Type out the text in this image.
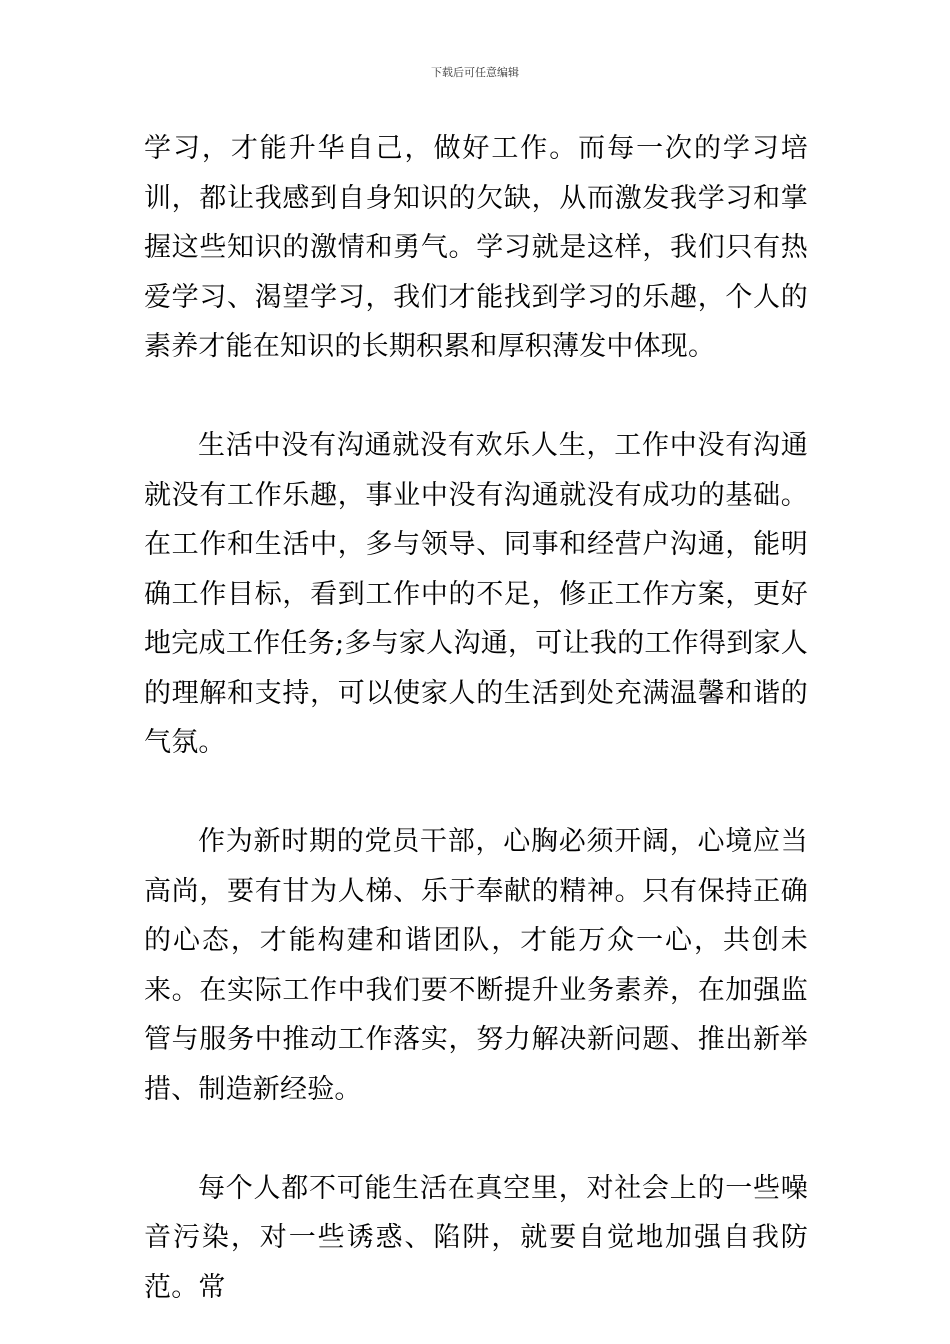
下载后可任意编辑

学习，才能升华自己，做好工作。而每一次的学习培训，都让我感到自身知识的欠缺，从而激发我学习和掌握这些知识的激情和勇气。学习就是这样，我们只有热爱学习、渴望学习，我们才能找到学习的乐趣，个人的素养才能在知识的长期积累和厚积薄发中体现。

生活中没有沟通就没有欢乐人生，工作中没有沟通就没有工作乐趣，事业中没有沟通就没有成功的基础。在工作和生活中，多与领导、同事和经营户沟通，能明确工作目标，看到工作中的不足，修正工作方案，更好地完成工作任务;多与家人沟通，可让我的工作得到家人的理解和支持，可以使家人的生活到处充满温馨和谐的气氛。

作为新时期的党员干部，心胸必须开阔，心境应当高尚，要有甘为人梯、乐于奉献的精神。只有保持正确的心态，才能构建和谐团队，才能万众一心，共创未来。在实际工作中我们要不断提升业务素养，在加强监管与服务中推动工作落实，努力解决新问题、推出新举措、制造新经验。

每个人都不可能生活在真空里，对社会上的一些噪音污染，对一些诱惑、陷阱，就要自觉地加强自我防范。常
